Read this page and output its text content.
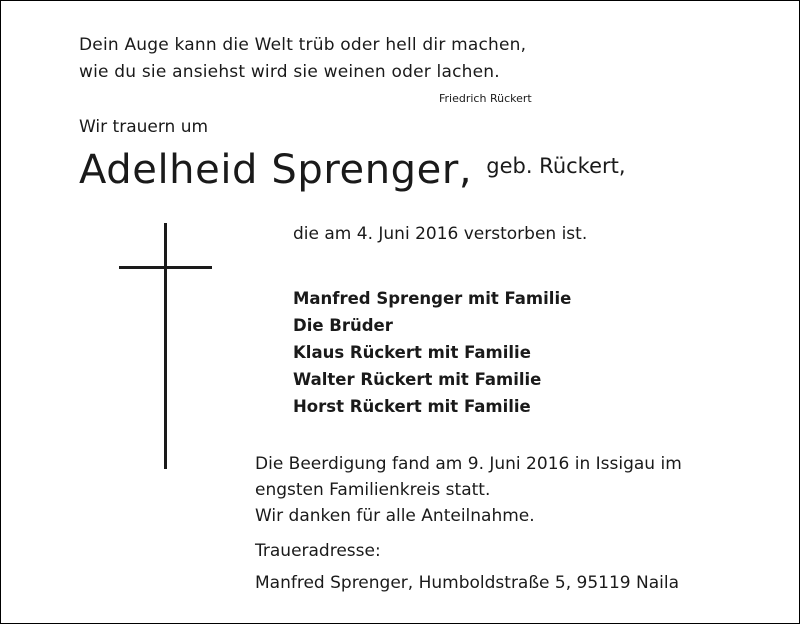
Dein Auge kann die Welt trüb oder hell dir machen,
wie du sie ansiehst wird sie weinen oder lachen.
Friedrich Rückert
Wir trauern um
Adelheid Sprenger, geb. Rückert,
die am 4. Juni 2016 verstorben ist.
Manfred Sprenger mit Familie
Die Brüder
Klaus Rückert mit Familie
Walter Rückert mit Familie
Horst Rückert mit Familie
Die Beerdigung fand am 9. Juni 2016 in Issigau im
engsten Familienkreis statt.
Wir danken für alle Anteilnahme.
Traueradresse:
Manfred Sprenger, Humboldstraße 5, 95119 Naila
